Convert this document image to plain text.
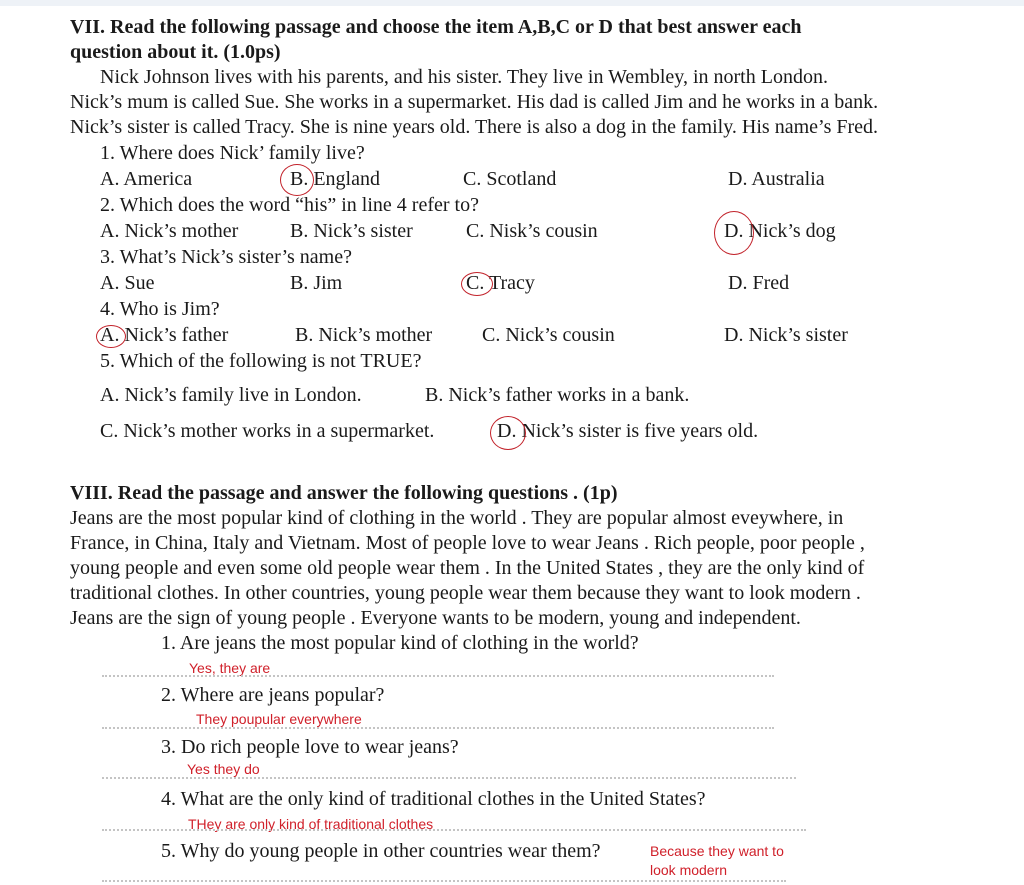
VII. Read the following passage and choose the item A,B,C or D that best answer each
question about it. (1.0ps)
Nick Johnson lives with his parents, and his sister. They live in Wembley, in north London.
Nick’s mum is called Sue. She works in a supermarket. His dad is called Jim and he works in a bank.
Nick’s sister is called Tracy. She is nine years old. There is also a dog in the family. His name’s Fred.
1. Where does Nick’ family live?
A. America	B. England	C. Scotland	D. Australia
2. Which does the word “his” in line 4 refer to?
A. Nick’s mother	B. Nick’s sister	C. Nisk’s cousin	D. Nick’s dog
3. What’s Nick’s sister’s name?
A. Sue	B. Jim	C. Tracy	D. Fred
4. Who is Jim?
A. Nick’s father	B. Nick’s mother C. Nick’s cousin	D. Nick’s sister
5. Which of the following is not TRUE?
A. Nick’s family live in London.	B. Nick’s father works in a bank.
C. Nick’s mother works in a supermarket.	D. Nick’s sister is five years old.
VIII. Read the passage and answer the following questions . (1p)
Jeans are the most popular kind of clothing in the world . They are popular almost eveywhere, in
France, in China, Italy and Vietnam. Most of people love to wear Jeans . Rich people, poor people ,
young people and even some old people wear them . In the United States , they are the only kind of
traditional clothes. In other countries, young people wear them because they want to look modern .
Jeans are the sign of young people . Everyone wants to be modern, young and independent.
1. Are jeans the most popular kind of clothing in the world?
Yes, they are
2. Where are jeans popular?
They poupular everywhere
3. Do rich people love to wear jeans?
Yes they do
4. What are the only kind of traditional clothes in the United States?
THey are only kind of traditional clothes
5. Why do young people in other countries wear them?	Because they want to
look modern
